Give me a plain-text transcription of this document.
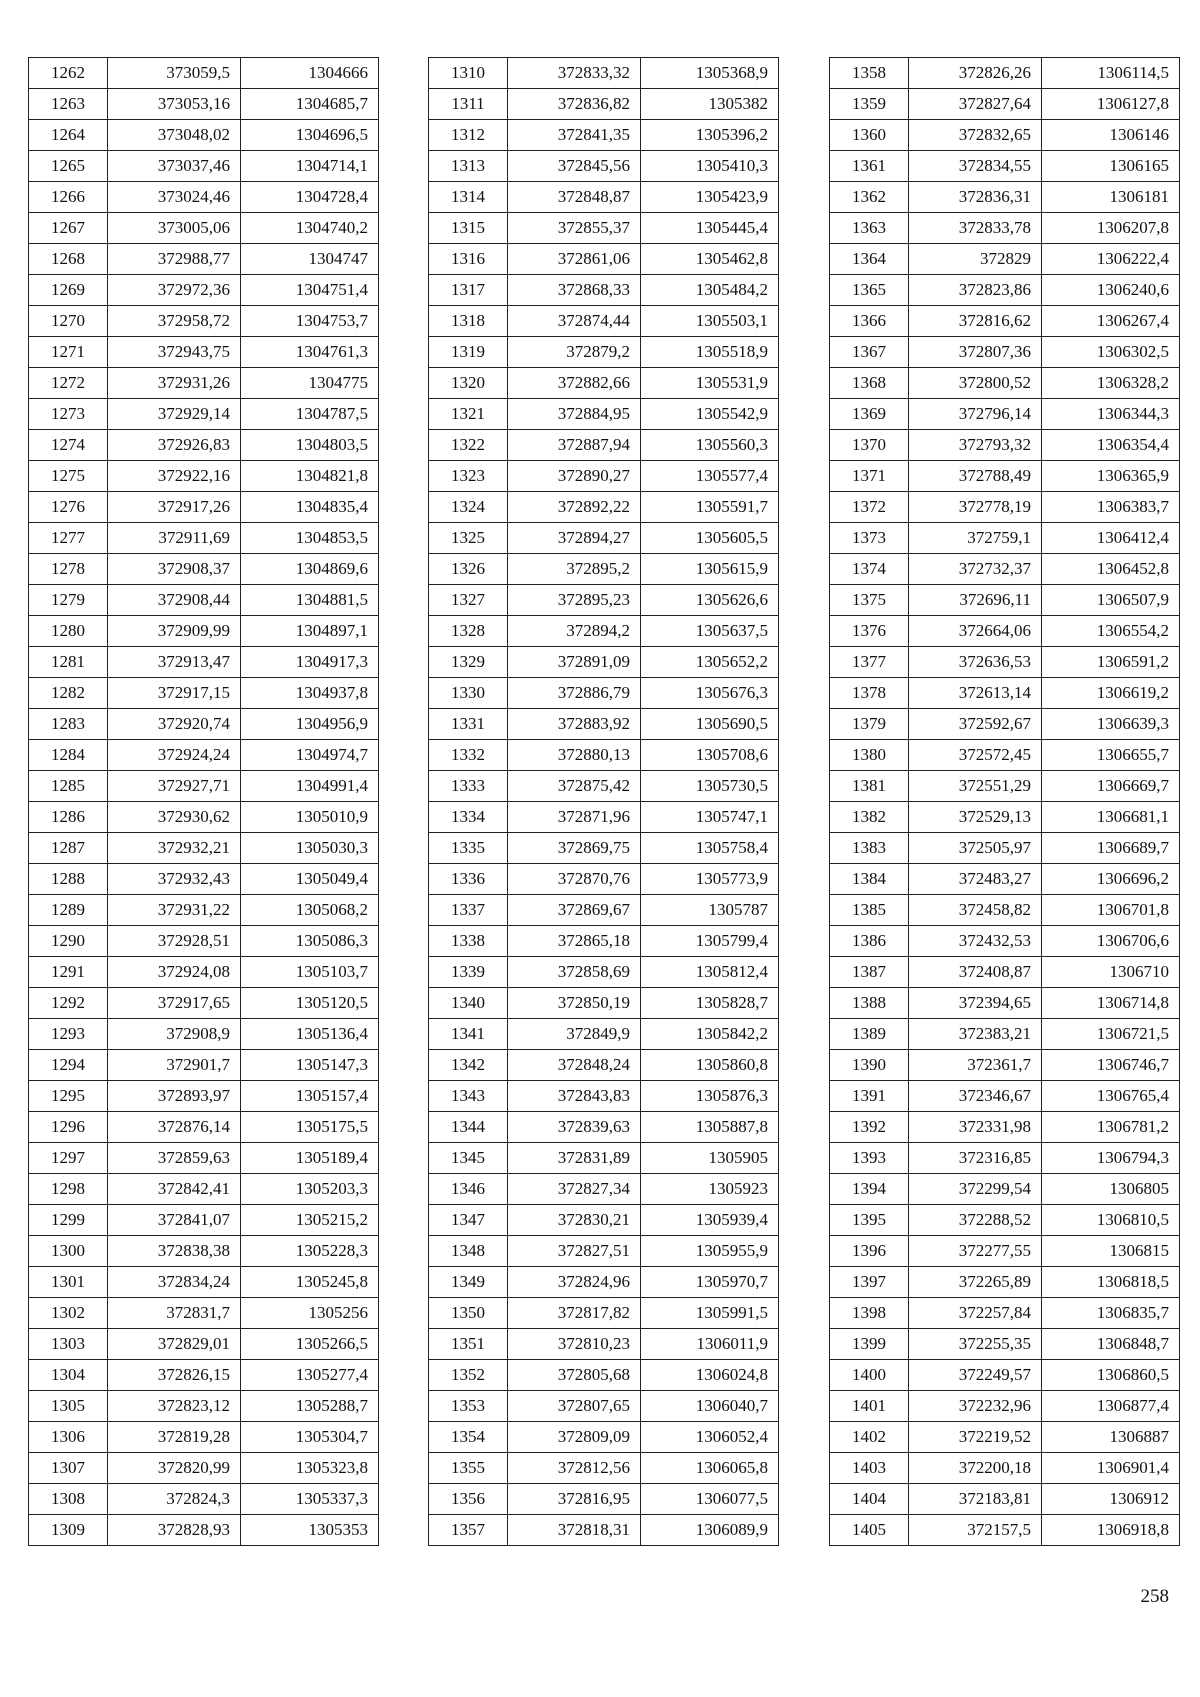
1262	373059,5	1304666
1263	373053,16	1304685,7
1264	373048,02	1304696,5
1265	373037,46	1304714,1
1266	373024,46	1304728,4
1267	373005,06	1304740,2
1268	372988,77	1304747
1269	372972,36	1304751,4
1270	372958,72	1304753,7
1271	372943,75	1304761,3
1272	372931,26	1304775
1273	372929,14	1304787,5
1274	372926,83	1304803,5
1275	372922,16	1304821,8
1276	372917,26	1304835,4
1277	372911,69	1304853,5
1278	372908,37	1304869,6
1279	372908,44	1304881,5
1280	372909,99	1304897,1
1281	372913,47	1304917,3
1282	372917,15	1304937,8
1283	372920,74	1304956,9
1284	372924,24	1304974,7
1285	372927,71	1304991,4
1286	372930,62	1305010,9
1287	372932,21	1305030,3
1288	372932,43	1305049,4
1289	372931,22	1305068,2
1290	372928,51	1305086,3
1291	372924,08	1305103,7
1292	372917,65	1305120,5
1293	372908,9	1305136,4
1294	372901,7	1305147,3
1295	372893,97	1305157,4
1296	372876,14	1305175,5
1297	372859,63	1305189,4
1298	372842,41	1305203,3
1299	372841,07	1305215,2
1300	372838,38	1305228,3
1301	372834,24	1305245,8
1302	372831,7	1305256
1303	372829,01	1305266,5
1304	372826,15	1305277,4
1305	372823,12	1305288,7
1306	372819,28	1305304,7
1307	372820,99	1305323,8
1308	372824,3	1305337,3
1309	372828,93	1305353
1310	372833,32	1305368,9
1311	372836,82	1305382
1312	372841,35	1305396,2
1313	372845,56	1305410,3
1314	372848,87	1305423,9
1315	372855,37	1305445,4
1316	372861,06	1305462,8
1317	372868,33	1305484,2
1318	372874,44	1305503,1
1319	372879,2	1305518,9
1320	372882,66	1305531,9
1321	372884,95	1305542,9
1322	372887,94	1305560,3
1323	372890,27	1305577,4
1324	372892,22	1305591,7
1325	372894,27	1305605,5
1326	372895,2	1305615,9
1327	372895,23	1305626,6
1328	372894,2	1305637,5
1329	372891,09	1305652,2
1330	372886,79	1305676,3
1331	372883,92	1305690,5
1332	372880,13	1305708,6
1333	372875,42	1305730,5
1334	372871,96	1305747,1
1335	372869,75	1305758,4
1336	372870,76	1305773,9
1337	372869,67	1305787
1338	372865,18	1305799,4
1339	372858,69	1305812,4
1340	372850,19	1305828,7
1341	372849,9	1305842,2
1342	372848,24	1305860,8
1343	372843,83	1305876,3
1344	372839,63	1305887,8
1345	372831,89	1305905
1346	372827,34	1305923
1347	372830,21	1305939,4
1348	372827,51	1305955,9
1349	372824,96	1305970,7
1350	372817,82	1305991,5
1351	372810,23	1306011,9
1352	372805,68	1306024,8
1353	372807,65	1306040,7
1354	372809,09	1306052,4
1355	372812,56	1306065,8
1356	372816,95	1306077,5
1357	372818,31	1306089,9
1358	372826,26	1306114,5
1359	372827,64	1306127,8
1360	372832,65	1306146
1361	372834,55	1306165
1362	372836,31	1306181
1363	372833,78	1306207,8
1364	372829	1306222,4
1365	372823,86	1306240,6
1366	372816,62	1306267,4
1367	372807,36	1306302,5
1368	372800,52	1306328,2
1369	372796,14	1306344,3
1370	372793,32	1306354,4
1371	372788,49	1306365,9
1372	372778,19	1306383,7
1373	372759,1	1306412,4
1374	372732,37	1306452,8
1375	372696,11	1306507,9
1376	372664,06	1306554,2
1377	372636,53	1306591,2
1378	372613,14	1306619,2
1379	372592,67	1306639,3
1380	372572,45	1306655,7
1381	372551,29	1306669,7
1382	372529,13	1306681,1
1383	372505,97	1306689,7
1384	372483,27	1306696,2
1385	372458,82	1306701,8
1386	372432,53	1306706,6
1387	372408,87	1306710
1388	372394,65	1306714,8
1389	372383,21	1306721,5
1390	372361,7	1306746,7
1391	372346,67	1306765,4
1392	372331,98	1306781,2
1393	372316,85	1306794,3
1394	372299,54	1306805
1395	372288,52	1306810,5
1396	372277,55	1306815
1397	372265,89	1306818,5
1398	372257,84	1306835,7
1399	372255,35	1306848,7
1400	372249,57	1306860,5
1401	372232,96	1306877,4
1402	372219,52	1306887
1403	372200,18	1306901,4
1404	372183,81	1306912
1405	372157,5	1306918,8
258
